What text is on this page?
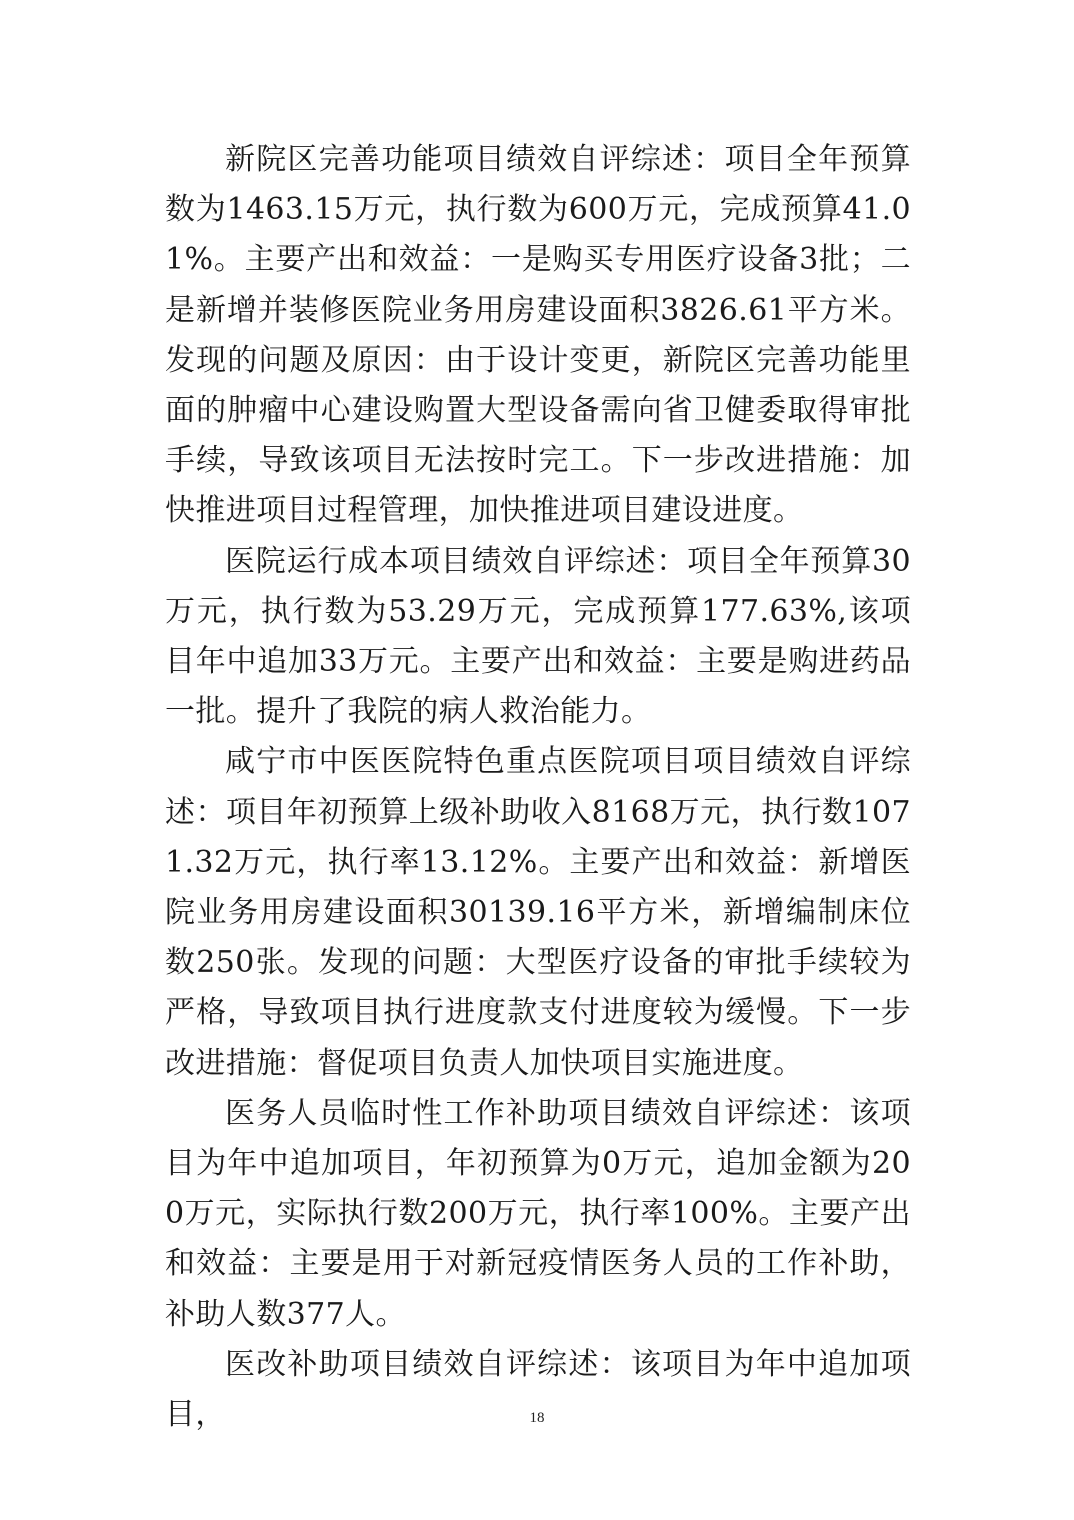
新院区完善功能项目绩效自评综述：项目全年预算数为1463.15万元，执行数为600万元，完成预算41.01%。主要产出和效益：一是购买专用医疗设备3批；二是新增并装修医院业务用房建设面积3826.61平方米。发现的问题及原因：由于设计变更，新院区完善功能里面的肿瘤中心建设购置大型设备需向省卫健委取得审批手续，导致该项目无法按时完工。下一步改进措施：加快推进项目过程管理，加快推进项目建设进度。

医院运行成本项目绩效自评综述：项目全年预算30万元，执行数为53.29万元，完成预算177.63%,该项目年中追加33万元。主要产出和效益：主要是购进药品一批。提升了我院的病人救治能力。

咸宁市中医医院特色重点医院项目项目绩效自评综述：项目年初预算上级补助收入8168万元，执行数1071.32万元，执行率13.12%。主要产出和效益：新增医院业务用房建设面积30139.16平方米，新增编制床位数250张。发现的问题：大型医疗设备的审批手续较为严格，导致项目执行进度款支付进度较为缓慢。下一步改进措施：督促项目负责人加快项目实施进度。

医务人员临时性工作补助项目绩效自评综述：该项目为年中追加项目，年初预算为0万元，追加金额为200万元，实际执行数200万元，执行率100%。主要产出和效益：主要是用于对新冠疫情医务人员的工作补助，补助人数377人。

医改补助项目绩效自评综述：该项目为年中追加项目，	18
